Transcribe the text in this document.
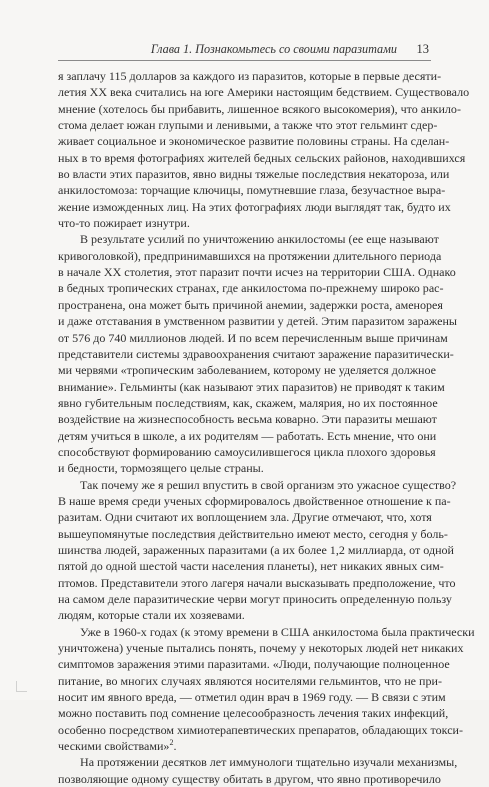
Глава 1. Познакомьтесь со своими паразитами 13

я заплачу 115 долларов за каждого из паразитов, которые в первые десяти-
летия XX века считались на юге Америки настоящим бедствием. Существовало
мнение (хотелось бы прибавить, лишенное всякого высокомерия), что анкило-
стома делает южан глупыми и ленивыми, а также что этот гельминт сдер-
живает социальное и экономическое развитие половины страны. На сделан-
ных в то время фотографиях жителей бедных сельских районов, находившихся
во власти этих паразитов, явно видны тяжелые последствия некаторозa, или
анкилостомоза: торчащие ключицы, помутневшие глаза, безучастное выра-
жение изможденных лиц. На этих фотографиях люди выглядят так, будто их
что-то пожирает изнутри.

В результате усилий по уничтожению анкилостомы (ее еще называют
кривоголовкой), предпринимавшихся на протяжении длительного периода
в начале XX столетия, этот паразит почти исчез на территории США. Однако
в бедных тропических странах, где анкилостома по-прежнему широко рас-
пространена, она может быть причиной анемии, задержки роста, аменорея
и даже отставания в умственном развитии у детей. Этим паразитом заражены
от 576 до 740 миллионов людей. И по всем перечисленным выше причинам
представители системы здравоохранения считают заражение паразитически-
ми червями «тропическим заболеванием, которому не уделяется должное
внимание». Гельминты (как называют этих паразитов) не приводят к таким
явно губительным последствиям, как, скажем, малярия, но их постоянное
воздействие на жизнеспособность весьма коварно. Эти паразиты мешают
детям учиться в школе, а их родителям — работать. Есть мнение, что они
способствуют формированию самоусилившегося цикла плохого здоровья
и бедности, тормозящего целые страны.

Так почему же я решил впустить в свой организм это ужасное существо?
В наше время среди ученых сформировалось двойственное отношение к па-
разитам. Одни считают их воплощением зла. Другие отмечают, что, хотя
вышеупомянутые последствия действительно имеют место, сегодня у боль-
шинства людей, зараженных паразитами (а их более 1,2 миллиарда, от одной
пятой до одной шестой части населения планеты), нет никаких явных сим-
птомов. Представители этого лагеря начали высказывать предположение, что
на самом деле паразитические черви могут приносить определенную пользу
людям, которые стали их хозяевами.

Уже в 1960-х годах (к этому времени в США анкилостома была практически
уничтожена) ученые пытались понять, почему у некоторых людей нет никаких
симптомов заражения этими паразитами. «Люди, получающие полноценное
питание, во многих случаях являются носителями гельминтов, что не при-
носит им явного вреда, — отметил один врач в 1969 году. — В связи с этим
можно поставить под сомнение целесообразность лечения таких инфекций,
особенно посредством химиотерапевтических препаратов, обладающих токси-
ческими свойствами»$^2$.

На протяжении десятков лет иммунологи тщательно изучали механизмы,
позволяющие одному существу обитать в другом, что явно противоречило
